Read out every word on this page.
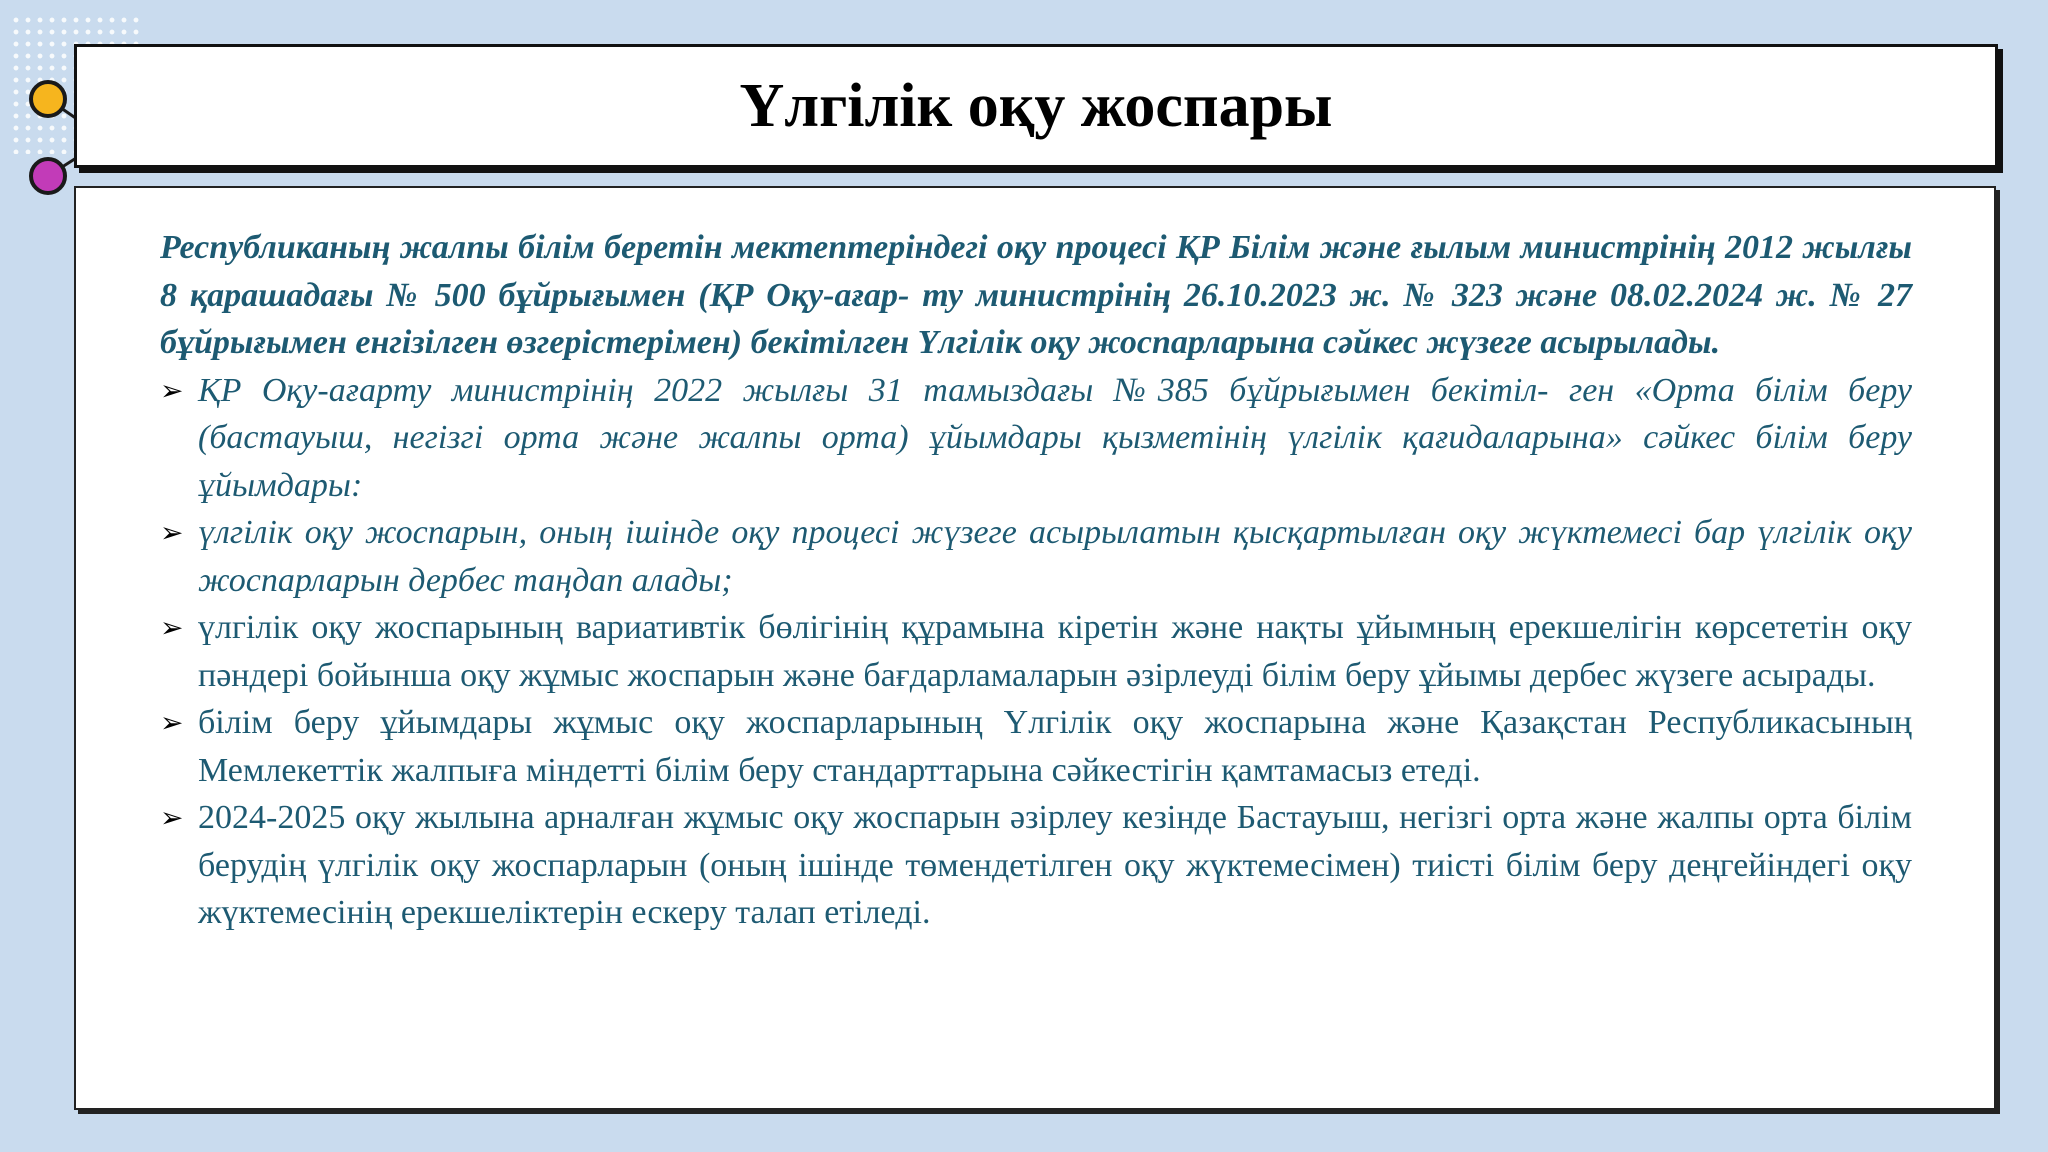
Үлгілік оқу жоспары

Республиканың жалпы білім беретін мектептеріндегі оқу процесі ҚР Білім және ғылым министрінің 2012 жылғы 8 қарашадағы № 500 бұйрығымен (ҚР Оқу-ағар- ту министрінің 26.10.2023 ж. № 323 және 08.02.2024 ж. № 27 бұйрығымен енгізілген өзгерістерімен) бекітілген Үлгілік оқу жоспарларына сәйкес жүзеге асырылады.

➢ ҚР Оқу-ағарту министрінің 2022 жылғы 31 тамыздағы №385 бұйрығымен бекітіл- ген «Орта білім беру (бастауыш, негізгі орта және жалпы орта) ұйымдары қызметінің үлгілік қағидаларына» сәйкес білім беру ұйымдары:
➢ үлгілік оқу жоспарын, оның ішінде оқу процесі жүзеге асырылатын қысқартылған оқу жүктемесі бар үлгілік оқу жоспарларын дербес таңдап алады;
➢ үлгілік оқу жоспарының вариативтік бөлігінің құрамына кіретін және нақты ұйымның ерекшелігін көрсететін оқу пәндері бойынша оқу жұмыс жоспарын және бағдарламаларын әзірлеуді білім беру ұйымы дербес жүзеге асырады.
➢ білім беру ұйымдары жұмыс оқу жоспарларының Үлгілік оқу жоспарына және Қазақстан Республикасының Мемлекеттік жалпыға міндетті білім беру стандарттарына сәйкестігін қамтамасыз етеді.
➢ 2024-2025 оқу жылына арналған жұмыс оқу жоспарын әзірлеу кезінде Бастауыш, негізгі орта және жалпы орта білім берудің үлгілік оқу жоспарларын (оның ішінде төмендетілген оқу жүктемесімен) тиісті білім беру деңгейіндегі оқу жүктемесінің ерекшеліктерін ескеру талап етіледі.
